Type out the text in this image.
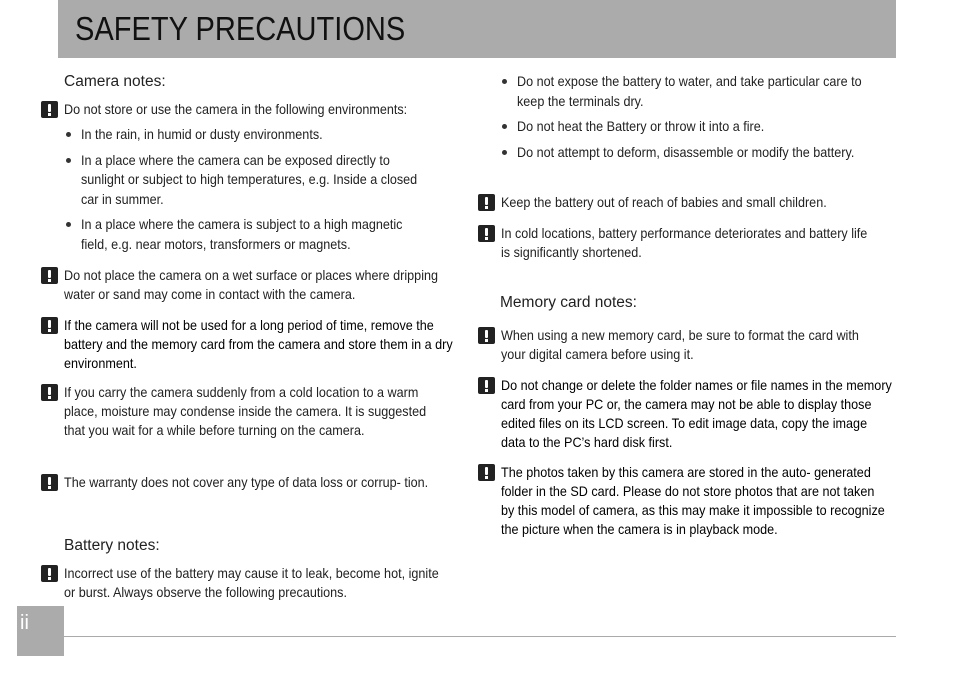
SAFETY PRECAUTIONS
Camera notes:
Do not store or use the camera in the following environments:
In the rain, in humid or dusty environments.
In a place where the camera can be exposed directly to sunlight or subject to high temperatures, e.g. Inside a closed car in summer.
In a place where the camera is subject to a high magnetic field, e.g. near motors, transformers or magnets.
Do not place the camera on a wet surface or places where dripping water or sand may come in contact with the camera.
If the camera will not be used for a long period of time, remove the battery and the memory card from the camera and store them in a dry environment.
If you carry the camera suddenly from a cold location to a warm place, moisture may condense inside the camera. It is suggested that you wait for a while before turning on the camera.
The warranty does not cover any type of data loss or corrup- tion.
Battery notes:
Incorrect use of the battery may cause it to leak, become hot, ignite or burst. Always observe the following precautions.
Do not expose the battery to water, and take particular care to keep the terminals dry.
Do not heat the Battery or throw it into a fire.
Do not attempt to deform, disassemble or modify the battery.
Keep the battery out of reach of babies and small children.
In cold locations, battery performance deteriorates and battery life is significantly shortened.
Memory card notes:
When using a new memory card, be sure to format the card with your digital camera before using it.
Do not change or delete the folder names or file names in the memory card from your PC or, the camera may not be able to display those edited files on its LCD screen. To edit image data, copy the image data to the PC’s hard disk first.
The photos taken by this camera are stored in the auto- generated folder in the SD card. Please do not store photos that are not taken by this model of camera, as this may make it impossible to recognize the picture when the camera is in playback mode.
ii
